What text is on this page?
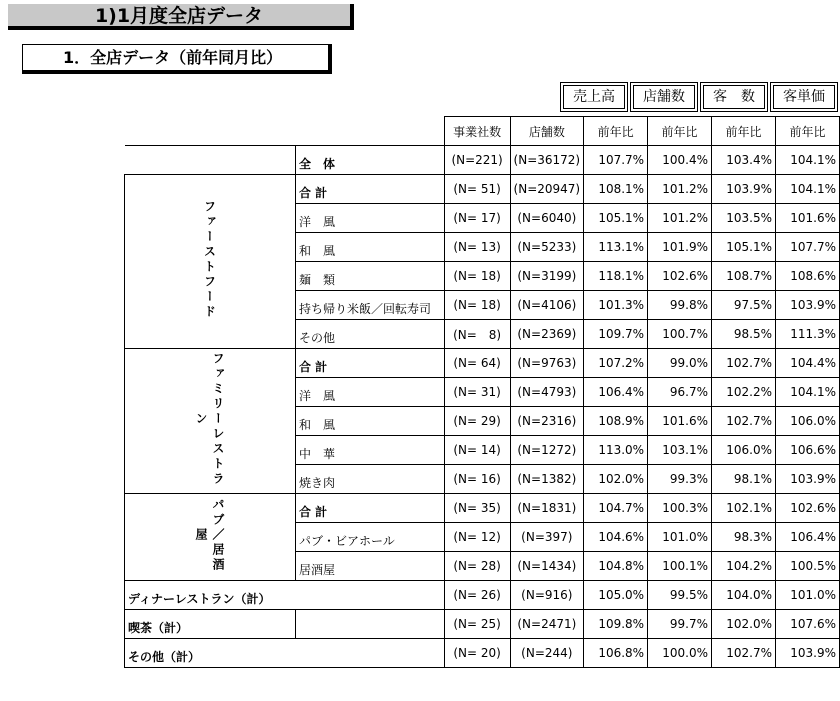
1)1月度全店データ
1．全店データ（前年同月比）
売上高	店舗数	客　数	客単価
		事業社数	店舗数	前年比	前年比	前年比	前年比
	全　体	(N=221)	(N=36172)	107.7%	100.4%	103.4%	104.1%
ファーストフード	合 計	(N= 51)	(N=20947)	108.1%	101.2%	103.9%	104.1%
	洋　風	(N= 17)	(N=6040)	105.1%	101.2%	103.5%	101.6%
	和　風	(N= 13)	(N=5233)	113.1%	101.9%	105.1%	107.7%
	麺　類	(N= 18)	(N=3199)	118.1%	102.6%	108.7%	108.6%
	持ち帰り米飯／回転寿司	(N= 18)	(N=4106)	101.3%	99.8%	97.5%	103.9%
	その他	(N=　8)	(N=2369)	109.7%	100.7%	98.5%	111.3%
ファミリーレストラン	合 計	(N= 64)	(N=9763)	107.2%	99.0%	102.7%	104.4%
	洋　風	(N= 31)	(N=4793)	106.4%	96.7%	102.2%	104.1%
	和　風	(N= 29)	(N=2316)	108.9%	101.6%	102.7%	106.0%
	中　華	(N= 14)	(N=1272)	113.0%	103.1%	106.0%	106.6%
	焼き肉	(N= 16)	(N=1382)	102.0%	99.3%	98.1%	103.9%
パブ／居酒屋	合 計	(N= 35)	(N=1831)	104.7%	100.3%	102.1%	102.6%
	パブ・ビアホール	(N= 12)	(N=397)	104.6%	101.0%	98.3%	106.4%
	居酒屋	(N= 28)	(N=1434)	104.8%	100.1%	104.2%	100.5%
ディナーレストラン（計）		(N= 26)	(N=916)	105.0%	99.5%	104.0%	101.0%
喫茶（計）		(N= 25)	(N=2471)	109.8%	99.7%	102.0%	107.6%
その他（計）		(N= 20)	(N=244)	106.8%	100.0%	102.7%	103.9%
